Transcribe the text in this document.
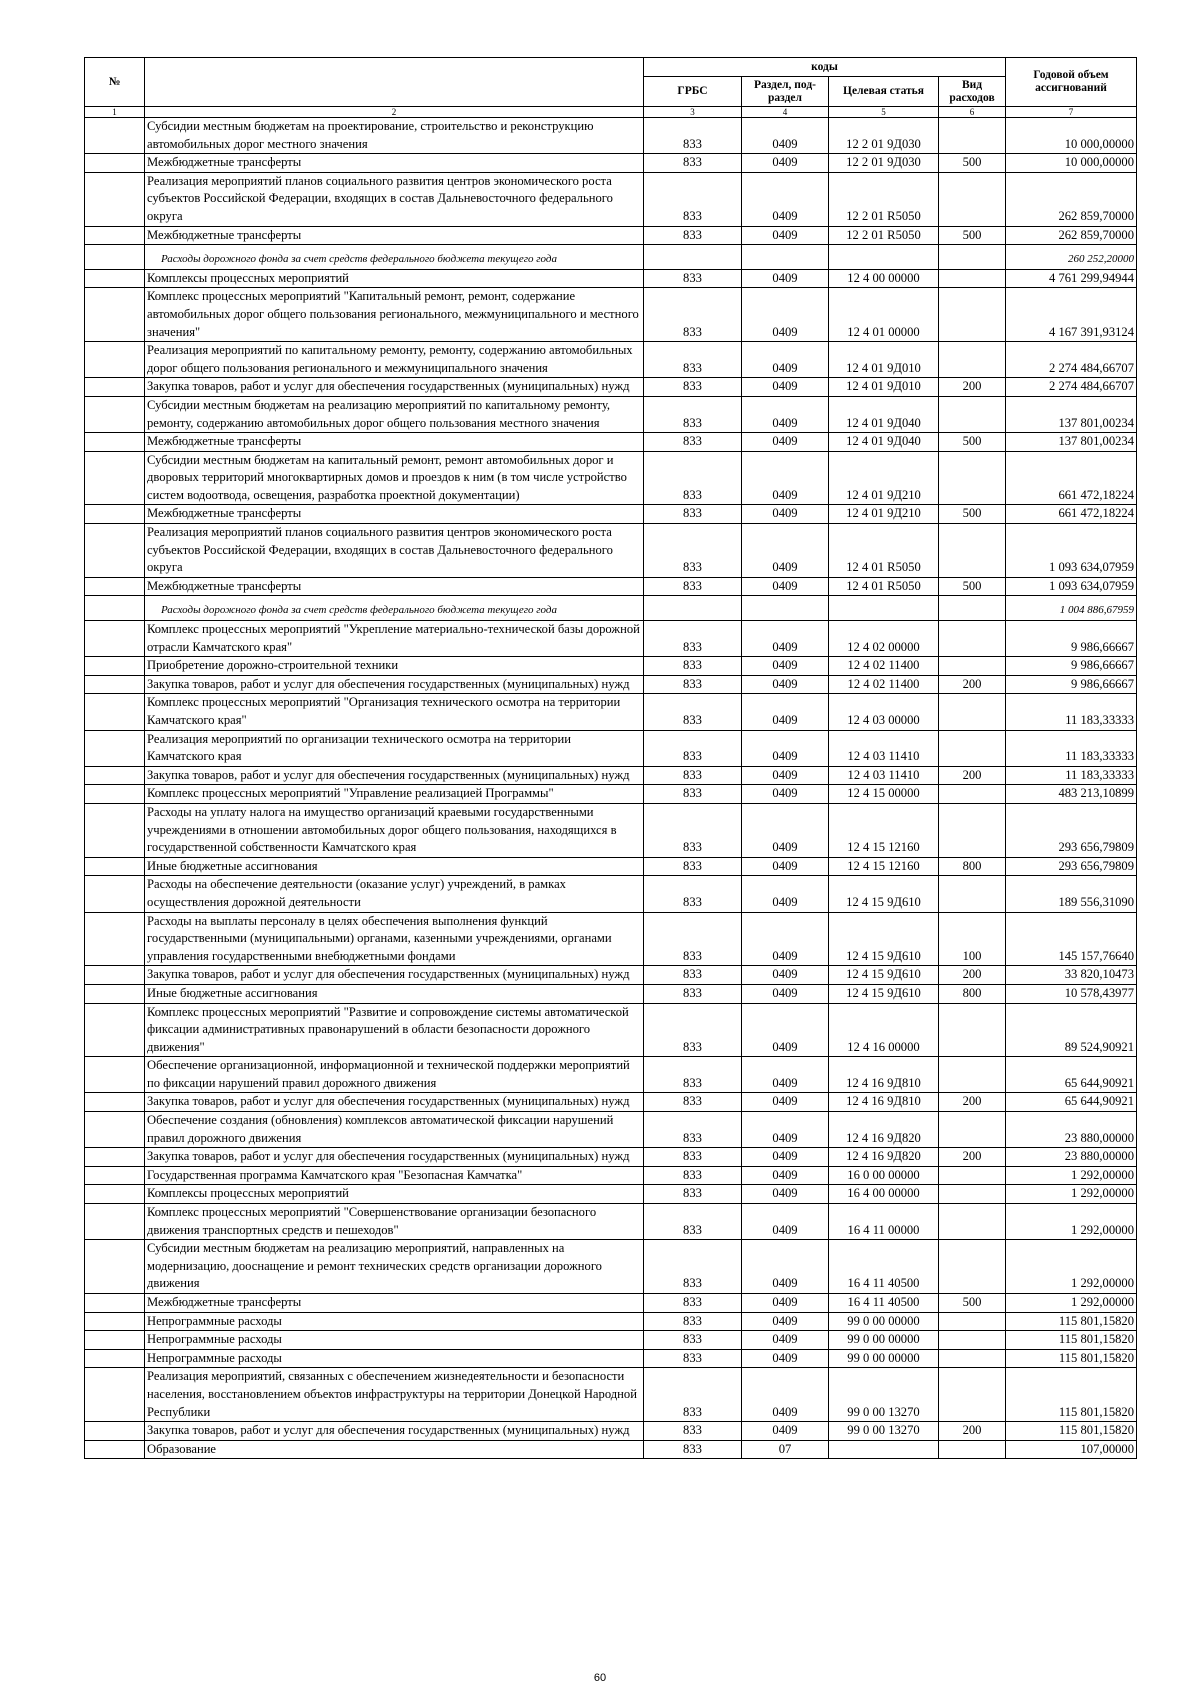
№		коды				Годовой объем ассигнований
		ГРБС	Раздел, под-раздел	Целевая статья	Вид расходов	
1	2	3	4	5	6	7
	Субсидии местным бюджетам на проектирование, строительство и реконструкцию автомобильных дорог местного значения	833	0409	12 2 01 9Д030		10 000,00000
	Межбюджетные трансферты	833	0409	12 2 01 9Д030	500	10 000,00000
	Реализация мероприятий планов социального развития центров экономического роста субъектов Российской Федерации, входящих в состав Дальневосточного федерального округа	833	0409	12 2 01 R5050		262 859,70000
	Межбюджетные трансферты	833	0409	12 2 01 R5050	500	262 859,70000
	Расходы дорожного фонда за счет средств федерального бюджета текущего года					260 252,20000
	Комплексы процессных мероприятий	833	0409	12 4 00 00000		4 761 299,94944
	Комплекс процессных мероприятий "Капитальный ремонт, ремонт, содержание автомобильных дорог общего пользования регионального, межмуниципального и местного значения"	833	0409	12 4 01 00000		4 167 391,93124
	Реализация мероприятий по капитальному ремонту, ремонту, содержанию автомобильных дорог общего пользования регионального и межмуниципального значения	833	0409	12 4 01 9Д010		2 274 484,66707
	Закупка товаров, работ и услуг для обеспечения государственных (муниципальных) нужд	833	0409	12 4 01 9Д010	200	2 274 484,66707
	Субсидии местным бюджетам на реализацию мероприятий по капитальному ремонту, ремонту, содержанию автомобильных дорог общего пользования местного значения	833	0409	12 4 01 9Д040		137 801,00234
	Межбюджетные трансферты	833	0409	12 4 01 9Д040	500	137 801,00234
	Субсидии местным бюджетам на капитальный ремонт, ремонт автомобильных дорог и дворовых территорий многоквартирных домов и проездов к ним (в том числе устройство систем водоотвода, освещения, разработка проектной документации)	833	0409	12 4 01 9Д210		661 472,18224
	Межбюджетные трансферты	833	0409	12 4 01 9Д210	500	661 472,18224
	Реализация мероприятий планов социального развития центров экономического роста субъектов Российской Федерации, входящих в состав Дальневосточного федерального округа	833	0409	12 4 01 R5050		1 093 634,07959
	Межбюджетные трансферты	833	0409	12 4 01 R5050	500	1 093 634,07959
	Расходы дорожного фонда за счет средств федерального бюджета текущего года					1 004 886,67959
	Комплекс процессных мероприятий "Укрепление материально-технической базы дорожной отрасли Камчатского края"	833	0409	12 4 02 00000		9 986,66667
	Приобретение дорожно-строительной техники	833	0409	12 4 02 11400		9 986,66667
	Закупка товаров, работ и услуг для обеспечения государственных (муниципальных) нужд	833	0409	12 4 02 11400	200	9 986,66667
	Комплекс процессных мероприятий "Организация технического осмотра на территории Камчатского края"	833	0409	12 4 03 00000		11 183,33333
	Реализация мероприятий по организации технического осмотра на территории Камчатского края	833	0409	12 4 03 11410		11 183,33333
	Закупка товаров, работ и услуг для обеспечения государственных (муниципальных) нужд	833	0409	12 4 03 11410	200	11 183,33333
	Комплекс процессных мероприятий "Управление реализацией Программы"	833	0409	12 4 15 00000		483 213,10899
	Расходы на уплату налога на имущество организаций краевыми государственными учреждениями в отношении автомобильных дорог общего пользования, находящихся в государственной собственности Камчатского края	833	0409	12 4 15 12160		293 656,79809
	Иные бюджетные ассигнования	833	0409	12 4 15 12160	800	293 656,79809
	Расходы на обеспечение деятельности (оказание услуг) учреждений, в рамках осуществления дорожной деятельности	833	0409	12 4 15 9Д610		189 556,31090
	Расходы на выплаты персоналу в целях обеспечения выполнения функций государственными (муниципальными) органами, казенными учреждениями, органами управления государственными внебюджетными фондами	833	0409	12 4 15 9Д610	100	145 157,76640
	Закупка товаров, работ и услуг для обеспечения государственных (муниципальных) нужд	833	0409	12 4 15 9Д610	200	33 820,10473
	Иные бюджетные ассигнования	833	0409	12 4 15 9Д610	800	10 578,43977
	Комплекс процессных мероприятий "Развитие и сопровождение системы автоматической фиксации административных правонарушений в области безопасности дорожного движения"	833	0409	12 4 16 00000		89 524,90921
	Обеспечение организационной, информационной и технической поддержки мероприятий по фиксации нарушений правил дорожного движения	833	0409	12 4 16 9Д810		65 644,90921
	Закупка товаров, работ и услуг для обеспечения государственных (муниципальных) нужд	833	0409	12 4 16 9Д810	200	65 644,90921
	Обеспечение создания (обновления) комплексов автоматической фиксации нарушений правил дорожного движения	833	0409	12 4 16 9Д820		23 880,00000
	Закупка товаров, работ и услуг для обеспечения государственных (муниципальных) нужд	833	0409	12 4 16 9Д820	200	23 880,00000
	Государственная программа Камчатского края "Безопасная Камчатка"	833	0409	16 0 00 00000		1 292,00000
	Комплексы процессных мероприятий	833	0409	16 4 00 00000		1 292,00000
	Комплекс процессных мероприятий "Совершенствование организации безопасного движения транспортных средств и пешеходов"	833	0409	16 4 11 00000		1 292,00000
	Субсидии местным бюджетам на реализацию мероприятий, направленных на модернизацию, дооснащение и ремонт технических средств организации дорожного движения	833	0409	16 4 11 40500		1 292,00000
	Межбюджетные трансферты	833	0409	16 4 11 40500	500	1 292,00000
	Непрограммные расходы	833	0409	99 0 00 00000		115 801,15820
	Непрограммные расходы	833	0409	99 0 00 00000		115 801,15820
	Непрограммные расходы	833	0409	99 0 00 00000		115 801,15820
	Реализация мероприятий, связанных с обеспечением жизнедеятельности и безопасности населения, восстановлением объектов инфраструктуры на территории Донецкой Народной Республики	833	0409	99 0 00 13270		115 801,15820
	Закупка товаров, работ и услуг для обеспечения государственных (муниципальных) нужд	833	0409	99 0 00 13270	200	115 801,15820
	Образование	833	07			107,00000
60
